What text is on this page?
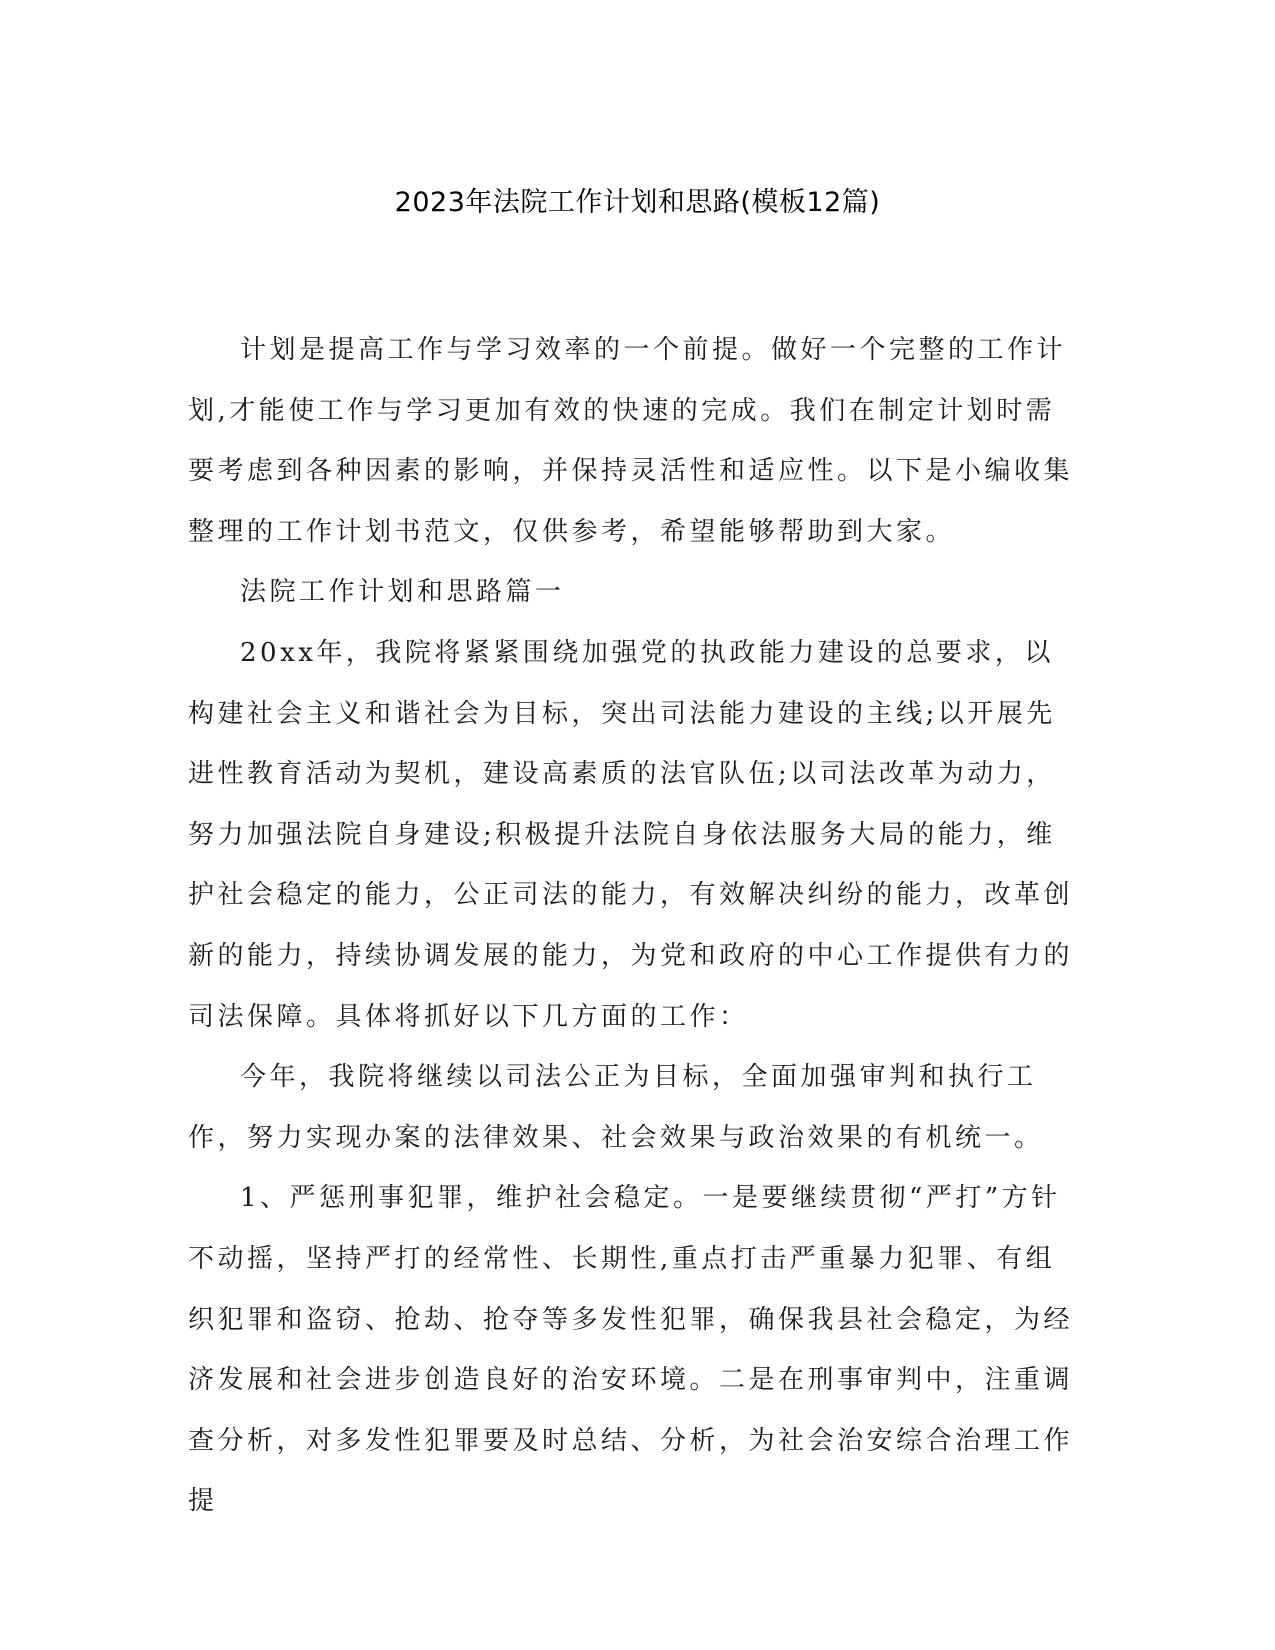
2023年法院工作计划和思路(模板12篇)

计划是提高工作与学习效率的一个前提。做好一个完整的工作计划,才能使工作与学习更加有效的快速的完成。我们在制定计划时需要考虑到各种因素的影响，并保持灵活性和适应性。以下是小编收集整理的工作计划书范文，仅供参考，希望能够帮助到大家。

法院工作计划和思路篇一

20xx年，我院将紧紧围绕加强党的执政能力建设的总要求，以构建社会主义和谐社会为目标，突出司法能力建设的主线;以开展先进性教育活动为契机，建设高素质的法官队伍;以司法改革为动力，努力加强法院自身建设;积极提升法院自身依法服务大局的能力，维护社会稳定的能力，公正司法的能力，有效解决纠纷的能力，改革创新的能力，持续协调发展的能力，为党和政府的中心工作提供有力的司法保障。具体将抓好以下几方面的工作：

今年，我院将继续以司法公正为目标，全面加强审判和执行工作，努力实现办案的法律效果、社会效果与政治效果的有机统一。

1、严惩刑事犯罪，维护社会稳定。一是要继续贯彻“严打”方针不动摇，坚持严打的经常性、长期性,重点打击严重暴力犯罪、有组织犯罪和盗窃、抢劫、抢夺等多发性犯罪，确保我县社会稳定，为经济发展和社会进步创造良好的治安环境。二是在刑事审判中，注重调查分析，对多发性犯罪要及时总结、分析，为社会治安综合治理工作提
